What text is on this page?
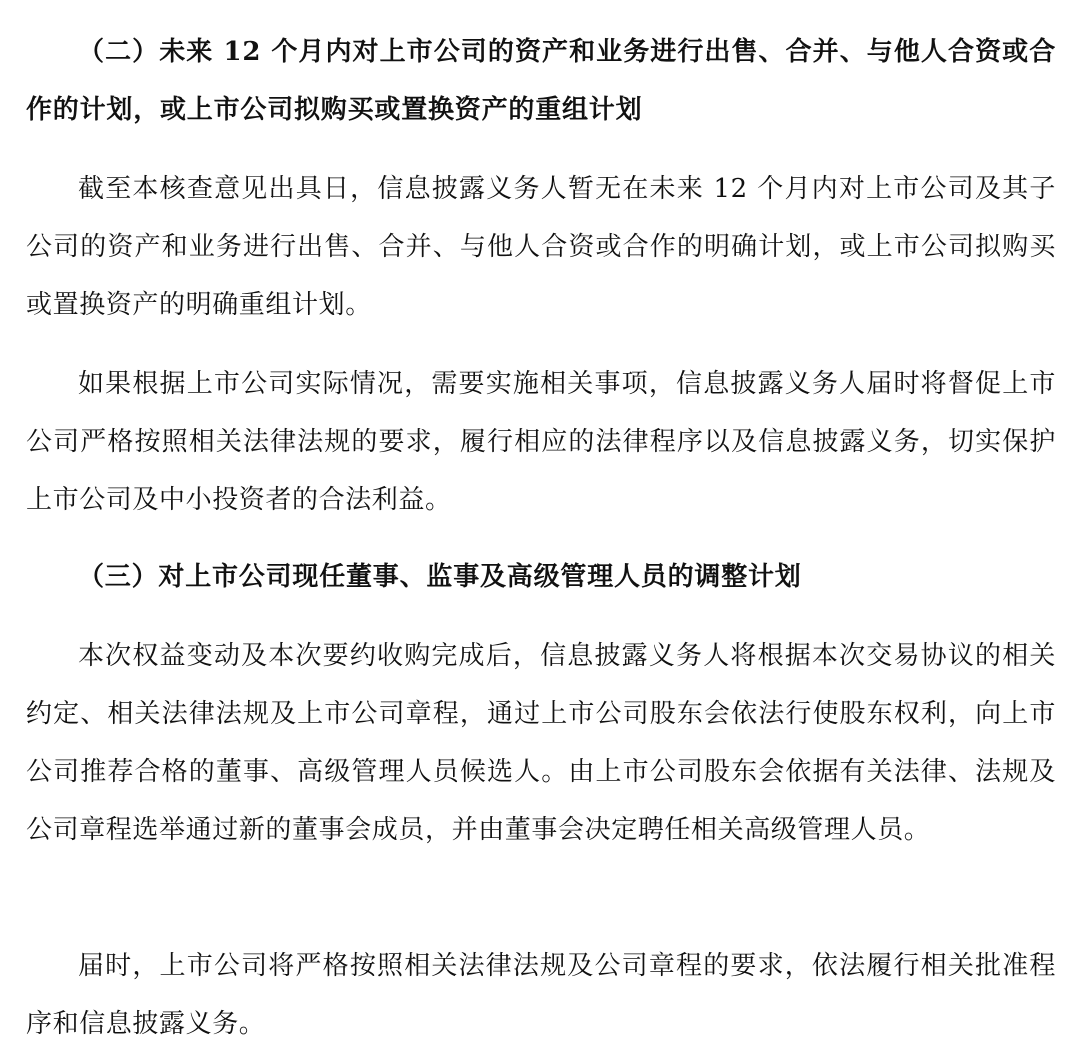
（二）未来 12 个月内对上市公司的资产和业务进行出售、合并、与他人合资或合作的计划，或上市公司拟购买或置换资产的重组计划

截至本核查意见出具日，信息披露义务人暂无在未来 12 个月内对上市公司及其子公司的资产和业务进行出售、合并、与他人合资或合作的明确计划，或上市公司拟购买或置换资产的明确重组计划。

如果根据上市公司实际情况，需要实施相关事项，信息披露义务人届时将督促上市公司严格按照相关法律法规的要求，履行相应的法律程序以及信息披露义务，切实保护上市公司及中小投资者的合法利益。

（三）对上市公司现任董事、监事及高级管理人员的调整计划

本次权益变动及本次要约收购完成后，信息披露义务人将根据本次交易协议的相关约定、相关法律法规及上市公司章程，通过上市公司股东会依法行使股东权利，向上市公司推荐合格的董事、高级管理人员候选人。由上市公司股东会依据有关法律、法规及公司章程选举通过新的董事会成员，并由董事会决定聘任相关高级管理人员。

届时，上市公司将严格按照相关法律法规及公司章程的要求，依法履行相关批准程序和信息披露义务。
